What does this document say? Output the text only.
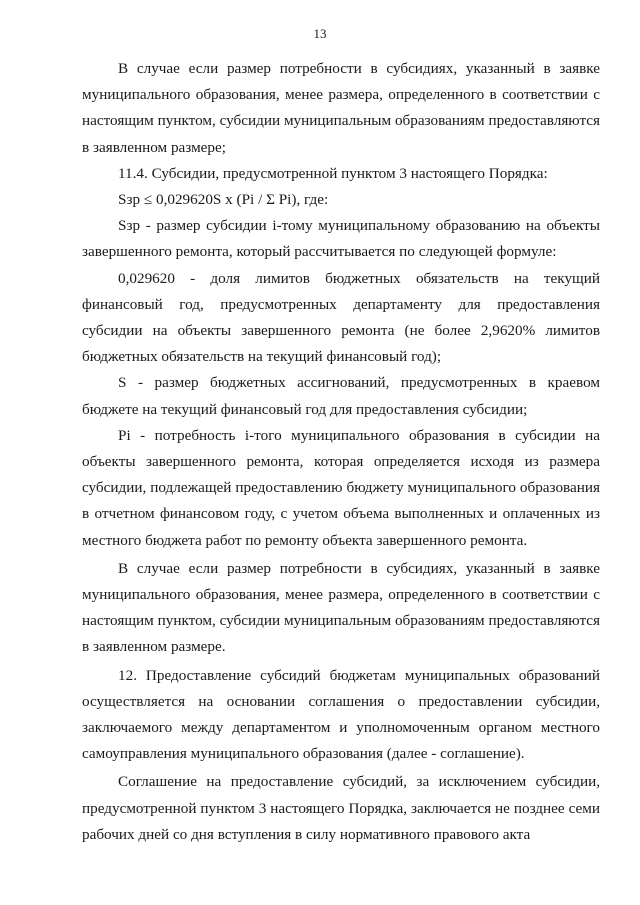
13

В случае если размер потребности в субсидиях, указанный в заявке муниципального образования, менее размера, определенного в соответствии с настоящим пунктом, субсидии муниципальным образованиям предоставляются в заявленном размере;

11.4. Субсидии, предусмотренной пунктом 3 настоящего Порядка:

Sзр ≤ 0,029620S x (Pi / Σ Pi), где:

Sзр - размер субсидии i-тому муниципальному образованию на объекты завершенного ремонта, который рассчитывается по следующей формуле:

0,029620 - доля лимитов бюджетных обязательств на текущий финансовый год, предусмотренных департаменту для предоставления субсидии на объекты завершенного ремонта (не более 2,9620% лимитов бюджетных обязательств на текущий финансовый год);

S - размер бюджетных ассигнований, предусмотренных в краевом бюджете на текущий финансовый год для предоставления субсидии;

Pi - потребность i-того муниципального образования в субсидии на объекты завершенного ремонта, которая определяется исходя из размера субсидии, подлежащей предоставлению бюджету муниципального образования в отчетном финансовом году, с учетом объема выполненных и оплаченных из местного бюджета работ по ремонту объекта завершенного ремонта.

В случае если размер потребности в субсидиях, указанный в заявке муниципального образования, менее размера, определенного в соответствии с настоящим пунктом, субсидии муниципальным образованиям предоставляются в заявленном размере.

12. Предоставление субсидий бюджетам муниципальных образований осуществляется на основании соглашения о предоставлении субсидии, заключаемого между департаментом и уполномоченным органом местного самоуправления муниципального образования (далее - соглашение).

Соглашение на предоставление субсидий, за исключением субсидии, предусмотренной пунктом 3 настоящего Порядка, заключается не позднее семи рабочих дней со дня вступления в силу нормативного правового акта
